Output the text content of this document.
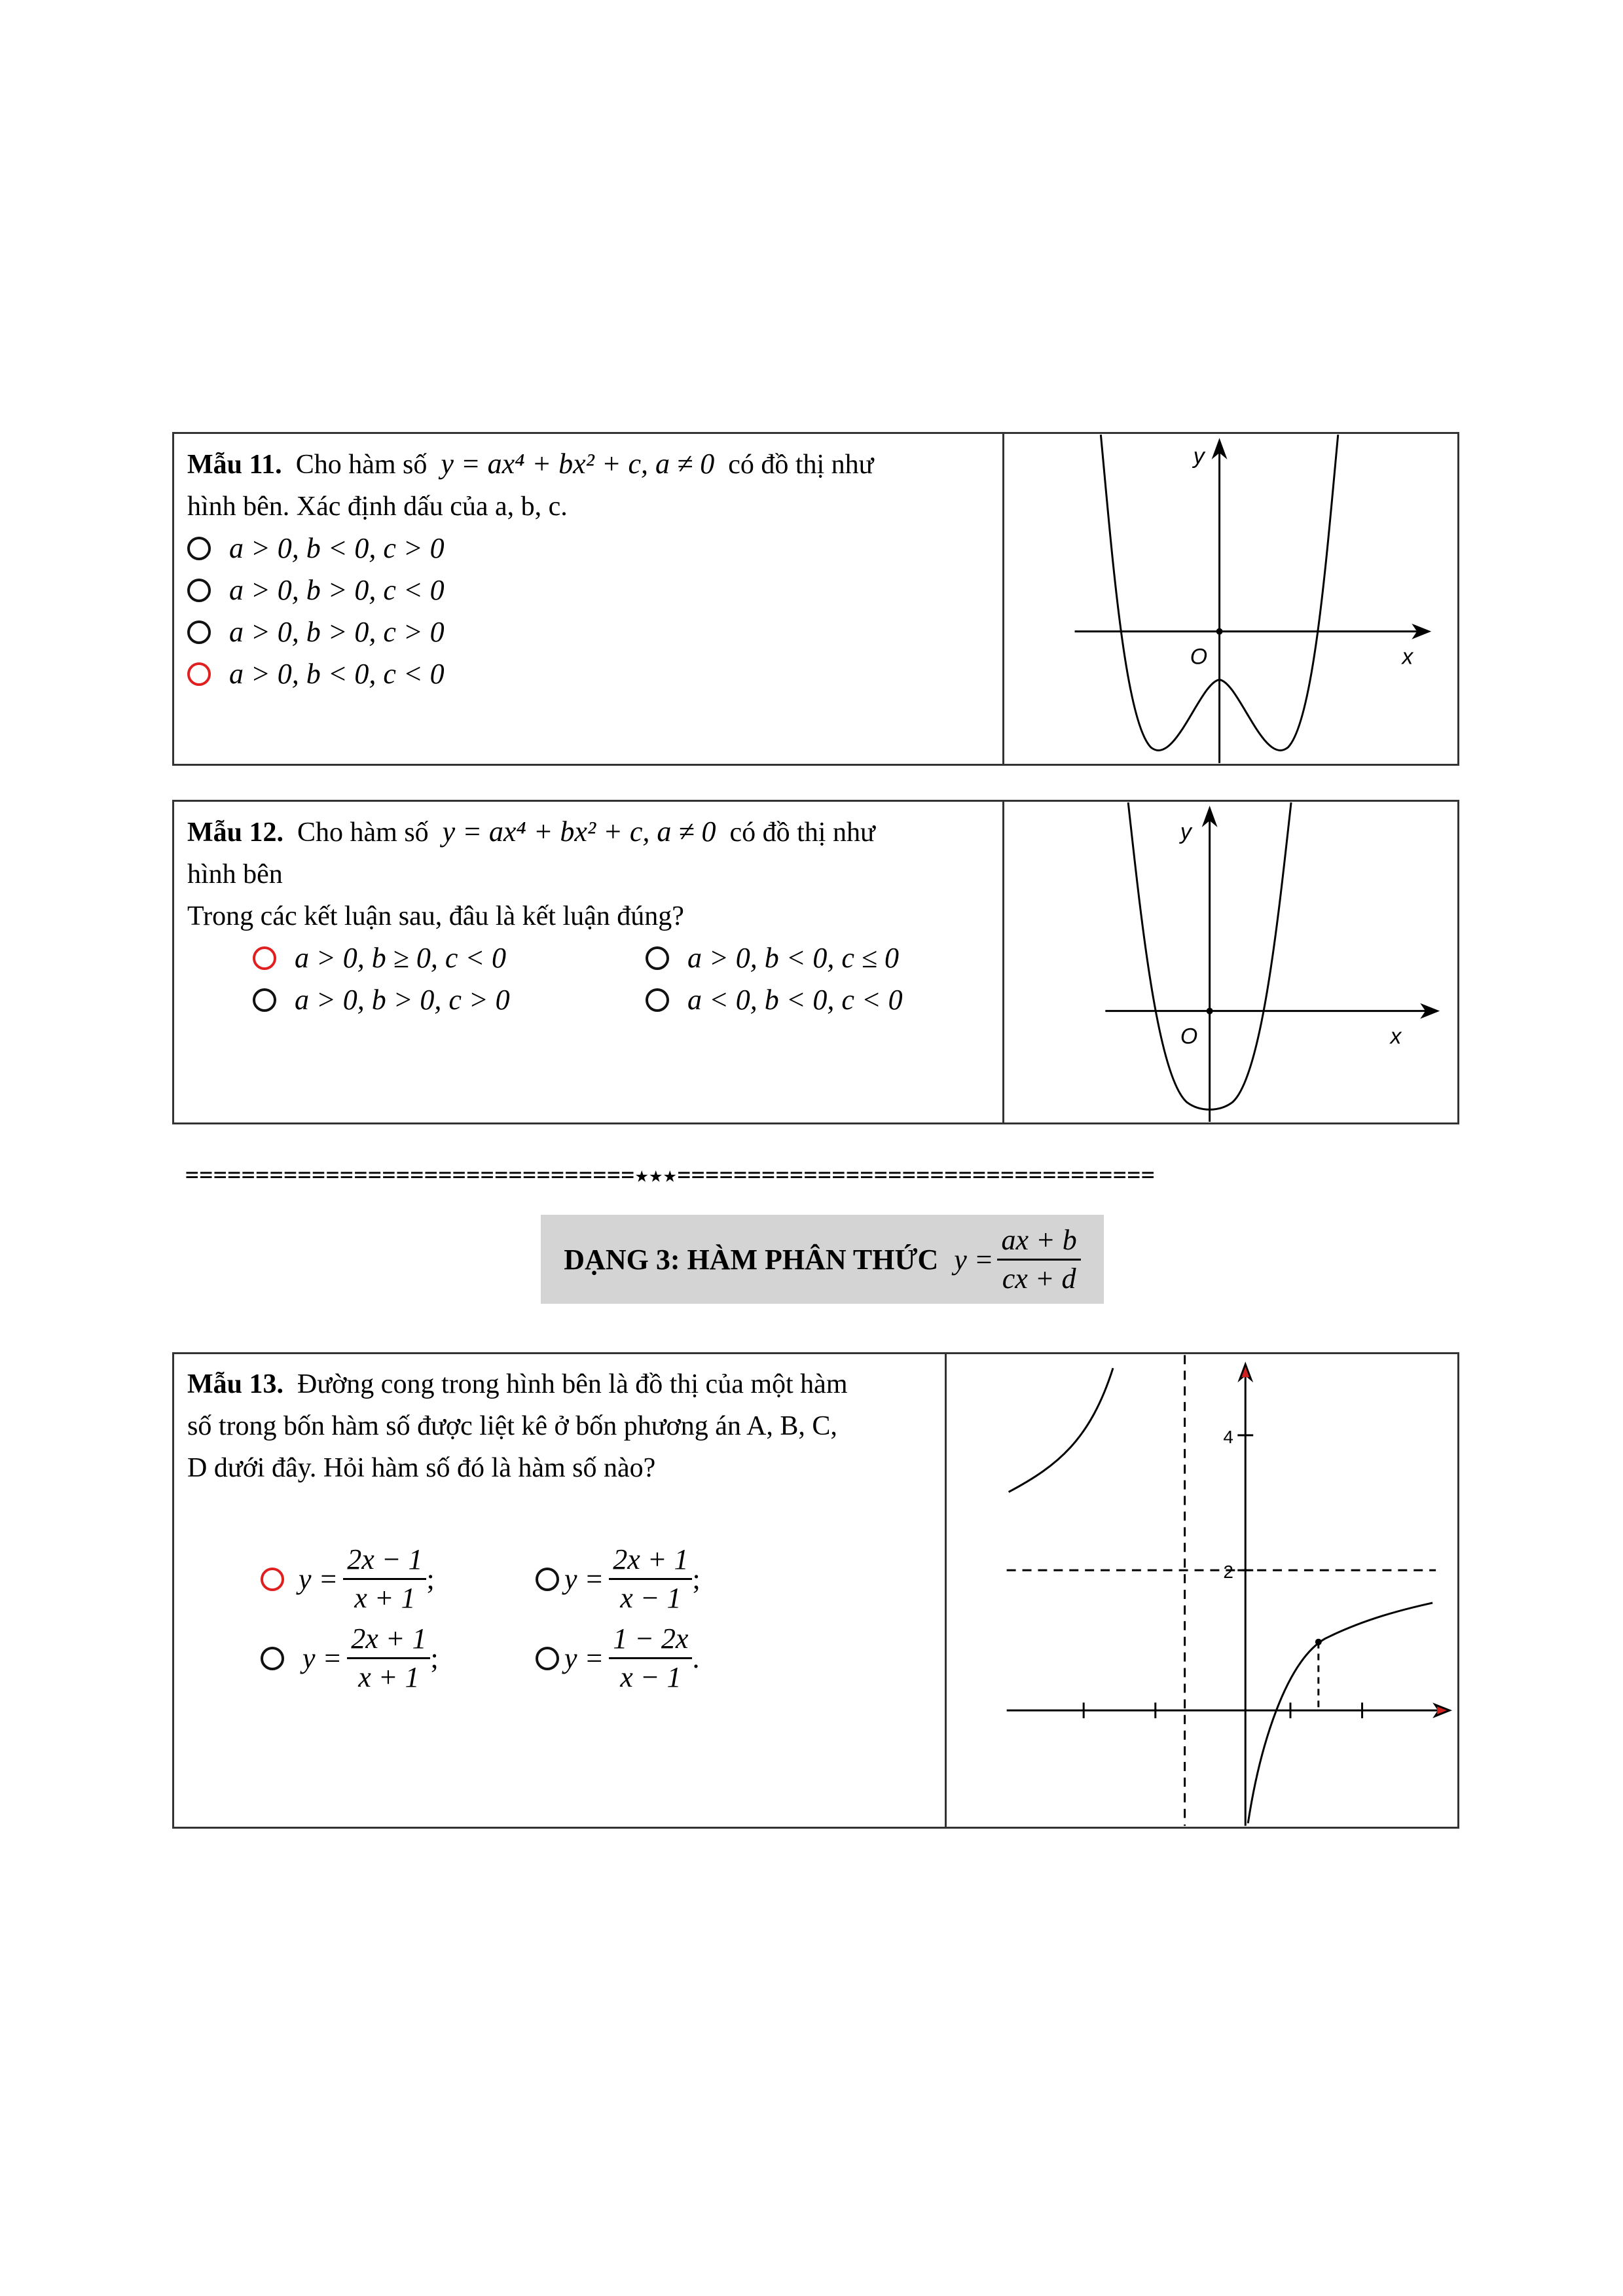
Mẫu 11. Cho hàm số y = ax⁴ + bx² + c, a ≠ 0 có đồ thị như
hình bên. Xác định dấu của a, b, c.
a > 0, b < 0, c > 0
a > 0, b > 0, c < 0
a > 0, b > 0, c > 0
a > 0, b < 0, c < 0
y
O	x
Mẫu 12. Cho hàm số y = ax⁴ + bx² + c, a ≠ 0 có đồ thị như
hình bên
Trong các kết luận sau, đâu là kết luận đúng?
a > 0, b ≥ 0, c < 0	a > 0, b < 0, c ≤ 0
a > 0, b > 0, c > 0	a < 0, b < 0, c < 0
y
O	x
================================★★★==================================
DẠNG 3: HÀM PHÂN THỨC $y = \frac{ax + b}{cx + d}$
Mẫu 13. Đường cong trong hình bên là đồ thị của một hàm
số trong bốn hàm số được liệt kê ở bốn phương án A, B, C,
D dưới đây. Hỏi hàm số đó là hàm số nào?
$y = \frac{2x - 1}{x + 1}$ ;	$y = \frac{2x + 1}{x - 1}$ ;
$y = \frac{2x + 1}{x + 1}$ ;	$y = \frac{1 - 2x}{x - 1}$ .
4
2
